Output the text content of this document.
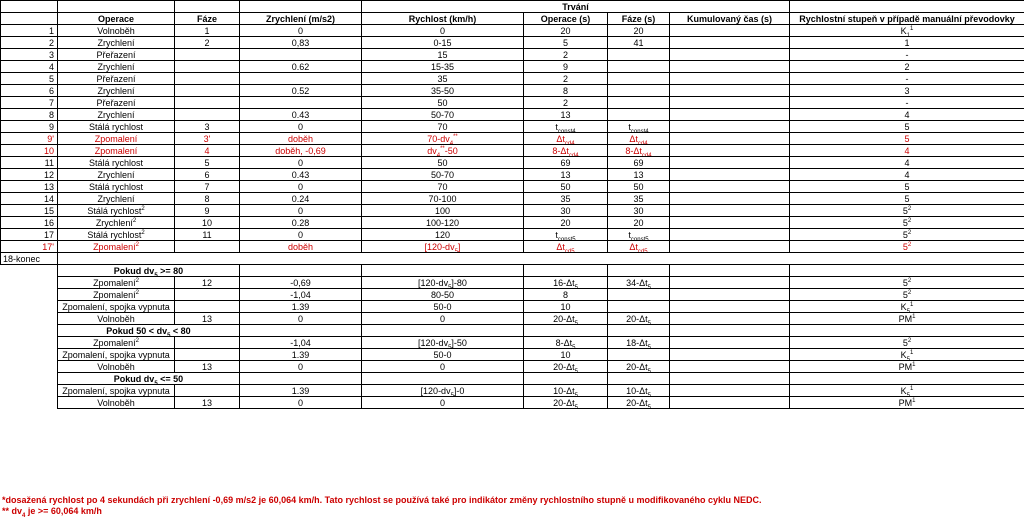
				Trvání				
	Operace	Fáze	Zrychlení (m/s2)	Rychlost (km/h)	Operace (s)	Fáze (s)	Kumulovaný čas (s)	Rychlostní stupeň v případě manuální převodovky
1	Volnoběh	1	0	0	20	20		$K_1^1$
2	Zrychlení	2	0,83	0-15	5	41		1
3	Přeřazení			15	2			-
4	Zrychlení		0.62	15-35	9			2
5	Přeřazení			35	2			-
6	Zrychlení		0.52	35-50	8			3
7	Přeřazení			50	2			-
8	Zrychlení		0.43	50-70	13			4
9	Stálá rychlost	3	0	70	$t_{const4}$	$t_{const4}$		5
9'	Zpomalení	3'	doběh	$70-dv_4^{**}$	$\Delta t_{cd4}$	$\Delta t_{cd4}$		5
10	Zpomalení	4	doběh, -0,69	$dv_4^{**}-50$	$8-\Delta t_{cd4}$	$8-\Delta t_{cd4}$		4
11	Stálá rychlost	5	0	50	69	69		4
12	Zrychlení	6	0.43	50-70	13	13		4
13	Stálá rychlost	7	0	70	50	50		5
14	Zrychlení	8	0.24	70-100	35	35		5
15	Stálá rychlost$^2$	9	0	100	30	30		$5^2$
16	Zrychlení$^2$	10	0.28	100-120	20	20		$5^2$
17	Stálá rychlost$^2$	11	0	120	$t_{const5}$	$t_{const5}$		$5^2$
17'	Zpomalení$^2$		doběh	$[120-dv_5]$	$\Delta t_{cd5}$	$\Delta t_{cd5}$		$5^2$
18-konec								
	Pokud $dv_5 >= 80$							
	Zpomalení$^2$	12	-0,69	$[120-dv_5]-80$	$16-\Delta t_5$	$34-\Delta t_5$		$5^2$
	Zpomalení$^2$		-1,04	80-50	8			$5^2$
	Zpomalení, spojka vypnuta		1.39	50-0	10			$K_5^1$
	Volnoběh	13	0	0	$20-\Delta t_5$	$20-\Delta t_5$		$PM^1$
	Pokud $50 < dv_5 < 80$							
	Zpomalení$^2$		-1,04	$[120-dv_5]-50$	$8-\Delta t_5$	$18-\Delta t_5$		$5^2$
	Zpomalení, spojka vypnuta		1.39	50-0	10			$K_5^1$
	Volnoběh	13	0	0	$20-\Delta t_5$	$20-\Delta t_5$		$PM^1$
	Pokud $dv_5 <= 50$							
	Zpomalení, spojka vypnuta		1.39	$[120-dv_5]-0$	$10-\Delta t_5$	$10-\Delta t_5$		$K_5^1$
	Volnoběh	13	0	0	$20-\Delta t_5$	$20-\Delta t_5$		$PM^1$
*dosažená rychlost po 4 sekundách při zrychlení -0,69 m/s2 je 60,064 km/h. Tato rychlost se používá také pro indikátor změny rychlostního stupně u modifikovaného cyklu NEDC.
** $dv_4$ je >= 60,064 km/h
